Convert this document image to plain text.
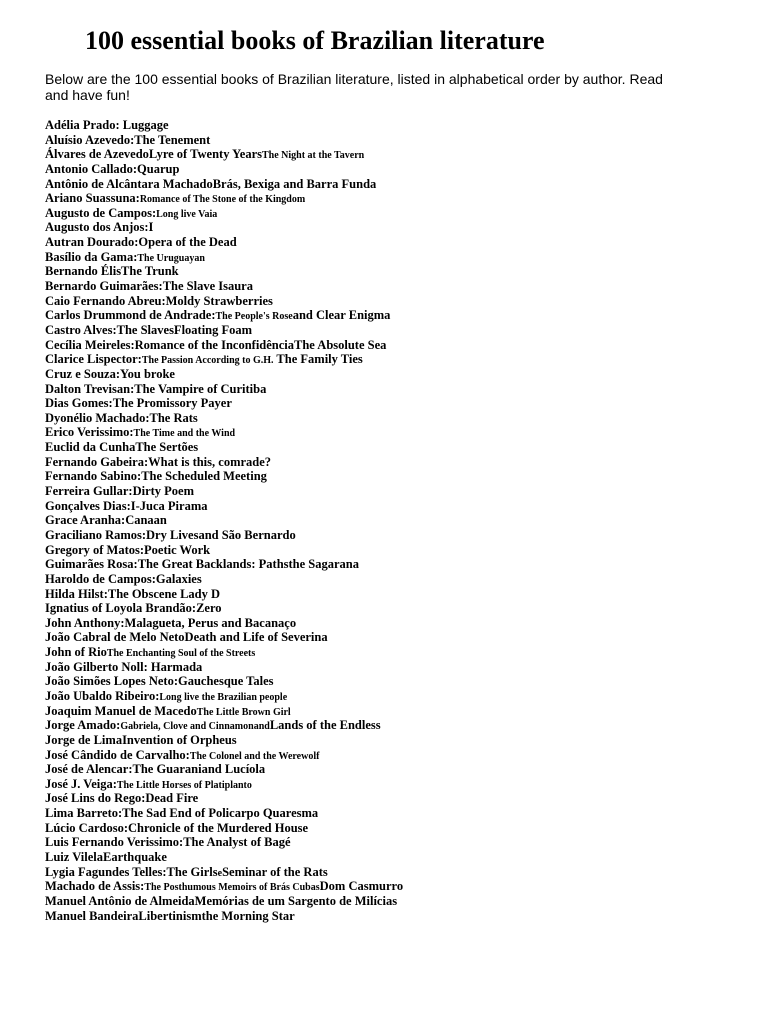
100 essential books of Brazilian literature

Below are the 100 essential books of Brazilian literature, listed in alphabetical order by author. Read and have fun!

Adélia Prado: Luggage
Aluísio Azevedo:The Tenement
Álvares de AzevedoLyre of Twenty YearsThe Night at the Tavern
Antonio Callado:Quarup
Antônio de Alcântara MachadoBrás, Bexiga and Barra Funda
Ariano Suassuna:Romance of The Stone of the Kingdom
Augusto de Campos:Long live Vaia
Augusto dos Anjos:I
Autran Dourado:Opera of the Dead
Basílio da Gama:The Uruguayan
Bernando ÉlisThe Trunk
Bernardo Guimarães:The Slave Isaura
Caio Fernando Abreu:Moldy Strawberries
Carlos Drummond de Andrade:The People's Roseand Clear Enigma
Castro Alves:The SlavesFloating Foam
Cecília Meireles:Romance of the InconfidênciaThe Absolute Sea
Clarice Lispector:The Passion According to G.H. The Family Ties
Cruz e Souza:You broke
Dalton Trevisan:The Vampire of Curitiba
Dias Gomes:The Promissory Payer
Dyonélio Machado:The Rats
Erico Verissimo:The Time and the Wind
Euclid da CunhaThe Sertões
Fernando Gabeira:What is this, comrade?
Fernando Sabino:The Scheduled Meeting
Ferreira Gullar:Dirty Poem
Gonçalves Dias:I-Juca Pirama
Grace Aranha:Canaan
Graciliano Ramos:Dry Livesand São Bernardo
Gregory of Matos:Poetic Work
Guimarães Rosa:The Great Backlands: Pathsthe Sagarana
Haroldo de Campos:Galaxies
Hilda Hilst:The Obscene Lady D
Ignatius of Loyola Brandão:Zero
John Anthony:Malagueta, Perus and Bacanaço
João Cabral de Melo NetoDeath and Life of Severina
John of RioThe Enchanting Soul of the Streets
João Gilberto Noll: Harmada
João Simões Lopes Neto:Gauchesque Tales
João Ubaldo Ribeiro:Long live the Brazilian people
Joaquim Manuel de MacedoThe Little Brown Girl
Jorge Amado:Gabriela, Clove and CinnamonandLands of the Endless
Jorge de LimaInvention of Orpheus
José Cândido de Carvalho:The Colonel and the Werewolf
José de Alencar:The Guaraniand Lucíola
José J. Veiga:The Little Horses of Platiplanto
José Lins do Rego:Dead Fire
Lima Barreto:The Sad End of Policarpo Quaresma
Lúcio Cardoso:Chronicle of the Murdered House
Luis Fernando Verissimo:The Analyst of Bagé
Luiz VilelaEarthquake
Lygia Fagundes Telles:The GirlseSeminar of the Rats
Machado de Assis:The Posthumous Memoirs of Brás CubasDom Casmurro
Manuel Antônio de AlmeidaMemórias de um Sargento de Milícias
Manuel BandeiraLibertinismthe Morning Star
